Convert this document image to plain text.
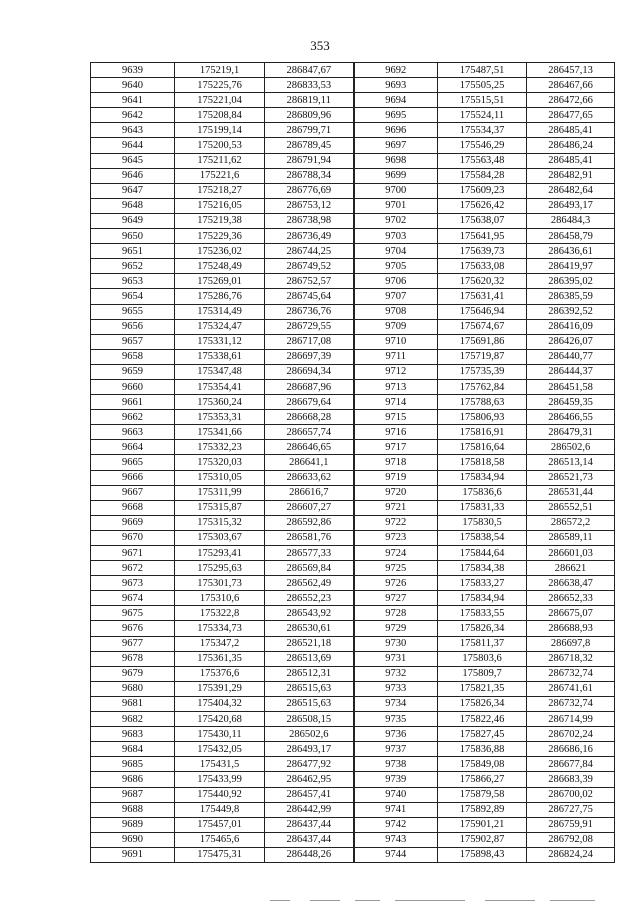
353
9639	175219,1	286847,67	9692	175487,51	286457,13
9640	175225,76	286833,53	9693	175505,25	286467,66
9641	175221,04	286819,11	9694	175515,51	286472,66
9642	175208,84	286809,96	9695	175524,11	286477,65
9643	175199,14	286799,71	9696	175534,37	286485,41
9644	175200,53	286789,45	9697	175546,29	286486,24
9645	175211,62	286791,94	9698	175563,48	286485,41
9646	175221,6	286788,34	9699	175584,28	286482,91
9647	175218,27	286776,69	9700	175609,23	286482,64
9648	175216,05	286753,12	9701	175626,42	286493,17
9649	175219,38	286738,98	9702	175638,07	286484,3
9650	175229,36	286736,49	9703	175641,95	286458,79
9651	175236,02	286744,25	9704	175639,73	286436,61
9652	175248,49	286749,52	9705	175633,08	286419,97
9653	175269,01	286752,57	9706	175620,32	286395,02
9654	175286,76	286745,64	9707	175631,41	286385,59
9655	175314,49	286736,76	9708	175646,94	286392,52
9656	175324,47	286729,55	9709	175674,67	286416,09
9657	175331,12	286717,08	9710	175691,86	286426,07
9658	175338,61	286697,39	9711	175719,87	286440,77
9659	175347,48	286694,34	9712	175735,39	286444,37
9660	175354,41	286687,96	9713	175762,84	286451,58
9661	175360,24	286679,64	9714	175788,63	286459,35
9662	175353,31	286668,28	9715	175806,93	286466,55
9663	175341,66	286657,74	9716	175816,91	286479,31
9664	175332,23	286646,65	9717	175816,64	286502,6
9665	175320,03	286641,1	9718	175818,58	286513,14
9666	175310,05	286633,62	9719	175834,94	286521,73
9667	175311,99	286616,7	9720	175836,6	286531,44
9668	175315,87	286607,27	9721	175831,33	286552,51
9669	175315,32	286592,86	9722	175830,5	286572,2
9670	175303,67	286581,76	9723	175838,54	286589,11
9671	175293,41	286577,33	9724	175844,64	286601,03
9672	175295,63	286569,84	9725	175834,38	286621
9673	175301,73	286562,49	9726	175833,27	286638,47
9674	175310,6	286552,23	9727	175834,94	286652,33
9675	175322,8	286543,92	9728	175833,55	286675,07
9676	175334,73	286530,61	9729	175826,34	286688,93
9677	175347,2	286521,18	9730	175811,37	286697,8
9678	175361,35	286513,69	9731	175803,6	286718,32
9679	175376,6	286512,31	9732	175809,7	286732,74
9680	175391,29	286515,63	9733	175821,35	286741,61
9681	175404,32	286515,63	9734	175826,34	286732,74
9682	175420,68	286508,15	9735	175822,46	286714,99
9683	175430,11	286502,6	9736	175827,45	286702,24
9684	175432,05	286493,17	9737	175836,88	286686,16
9685	175431,5	286477,92	9738	175849,08	286677,84
9686	175433,99	286462,95	9739	175866,27	286683,39
9687	175440,92	286457,41	9740	175879,58	286700,02
9688	175449,8	286442,99	9741	175892,89	286727,75
9689	175457,01	286437,44	9742	175901,21	286759,91
9690	175465,6	286437,44	9743	175902,87	286792,08
9691	175475,31	286448,26	9744	175898,43	286824,24
